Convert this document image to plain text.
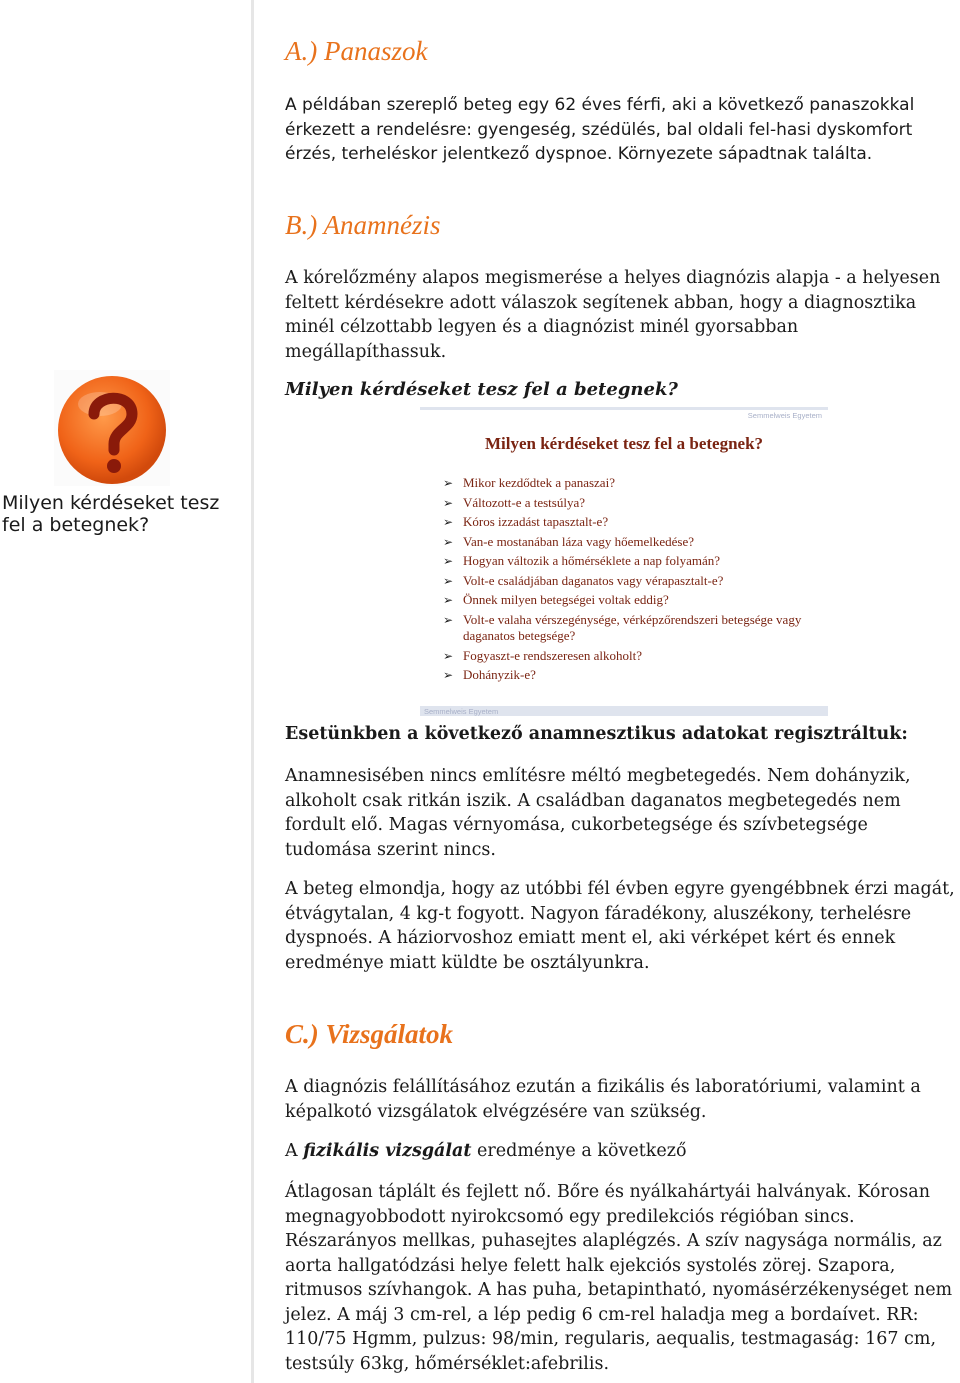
Milyen kérdéseket tesz fel a betegnek?
A.) Panaszok

A példában szereplő beteg egy 62 éves férfi, aki a következő panaszokkal érkezett a rendelésre: gyengeség, szédülés, bal oldali fel-hasi dyskomfort érzés, terheléskor jelentkező dyspnoe. Környezete sápadtnak találta.

B.) Anamnézis

A kórelőzmény alapos megismerése a helyes diagnózis alapja - a helyesen feltett kérdésekre adott válaszok segítenek abban, hogy a diagnosztika minél célzottabb legyen és a diagnózist minél gyorsabban megállapíthassuk.

Milyen kérdéseket tesz fel a betegnek?

Semmelweis Egyetem
Milyen kérdéseket tesz fel a betegnek?
➢ Mikor kezdődtek a panaszai?
➢ Változott-e a testsúlya?
➢ Kóros izzadást tapasztalt-e?
➢ Van-e mostanában láza vagy hőemelkedése?
➢ Hogyan változik a hőmérséklete a nap folyamán?
➢ Volt-e családjában daganatos vagy vérapasztalt-e?
➢ Önnek milyen betegségei voltak eddig?
➢ Volt-e valaha vérszegénysége, vérképzőrendszeri betegsége vagy daganatos betegsége?
➢ Fogyaszt-e rendszeresen alkoholt?
➢ Dohányzik-e?
Semmelweis Egyetem

Esetünkben a következő anamnesztikus adatokat regisztráltuk:

Anamnesisében nincs említésre méltó megbetegedés. Nem dohányzik, alkoholt csak ritkán iszik. A családban daganatos megbetegedés nem fordult elő. Magas vérnyomása, cukorbetegsége és szívbetegsége tudomása szerint nincs.

A beteg elmondja, hogy az utóbbi fél évben egyre gyengébbnek érzi magát, étvágytalan, 4 kg-t fogyott. Nagyon fáradékony, aluszékony, terhelésre dyspnoés. A háziorvoshoz emiatt ment el, aki vérképet kért és ennek eredménye miatt küldte be osztályunkra.

C.) Vizsgálatok

A diagnózis felállításához ezután a fizikális és laboratóriumi, valamint a képalkotó vizsgálatok elvégzésére van szükség.

A fizikális vizsgálat eredménye a következő

Átlagosan táplált és fejlett nő. Bőre és nyálkahártyái halványak. Kórosan megnagyobbodott nyirokcsomó egy predilekciós régióban sincs. Részarányos mellkas, puhasejtes alaplégzés. A szív nagysága normális, az aorta hallgatódzási helye felett halk ejekciós systolés zörej. Szapora, ritmusos szívhangok. A has puha, betapintható, nyomásérzékenységet nem jelez. A máj 3 cm-rel, a lép pedig 6 cm-rel haladja meg a bordaívet. RR: 110/75 Hgmm, pulzus: 98/min, regularis, aequalis, testmagaság: 167 cm, testsúly 63kg, hőmérséklet:afebrilis.
